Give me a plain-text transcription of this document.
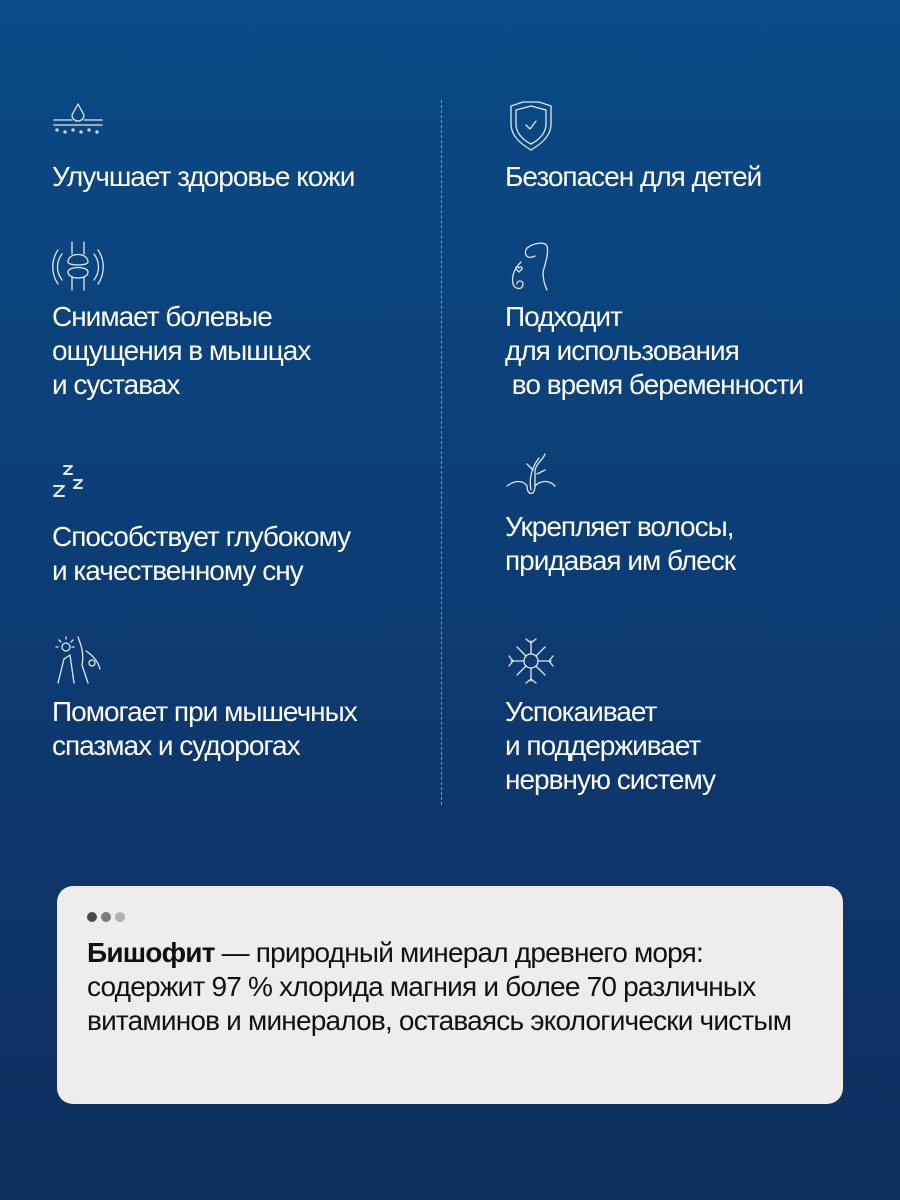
Улучшает здоровье кожи
Снимает болевые
ощущения в мышцах
и суставах
Способствует глубокому
и качественному сну
Помогает при мышечных
спазмах и судорогах
Безопасен для детей
Подходит
для использования
во время беременности
Укрепляет волосы,
придавая им блеск
Успокаивает
и поддерживает
нервную систему

Бишофит — природный минерал древнего моря: содержит 97 % хлорида магния и более 70 различных витаминов и минералов, оставаясь экологически чистым
